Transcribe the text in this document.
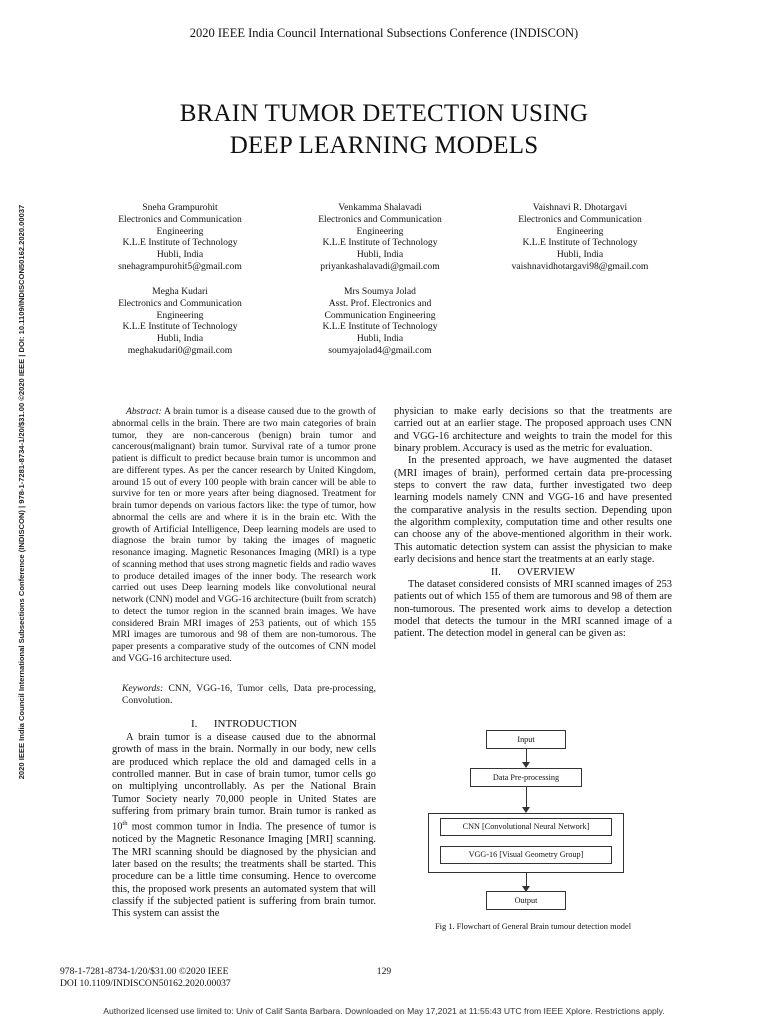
2020 IEEE India Council International Subsections Conference (INDISCON)
BRAIN TUMOR DETECTION USING
DEEP LEARNING MODELS
Sneha Grampurohit
Electronics and Communication
Engineering
K.L.E Institute of Technology
Hubli, India
snehagrampurohit5@gmail.com
Venkamma Shalavadi
Electronics and Communication
Engineering
K.L.E Institute of Technology
Hubli, India
priyankashalavadi@gmail.com
Vaishnavi R. Dhotargavi
Electronics and Communication
Engineering
K.L.E Institute of Technology
Hubli, India
vaishnavidhotargavi98@gmail.com
Megha Kudari
Electronics and Communication
Engineering
K.L.E Institute of Technology
Hubli, India
meghakudari0@gmail.com
Mrs Soumya Jolad
Asst. Prof. Electronics and
Communication Engineering
K.L.E Institute of Technology
Hubli, India
soumyajolad4@gmail.com
2020 IEEE India Council International Subsections Conference (INDISCON) | 978-1-7281-8734-1/20/$31.00 ©2020 IEEE | DOI: 10.1109/INDISCON50162.2020.00037	Abstract: A brain tumor is a disease caused due to the growth of abnormal cells in the brain. There are two main categories of brain tumor, they are non-cancerous (benign) brain tumor and cancerous(malignant) brain tumor. Survival rate of a tumor prone patient is difficult to predict because brain tumor is uncommon and are different types. As per the cancer research by United Kingdom, around 15 out of every 100 people with brain cancer will be able to survive for ten or more years after being diagnosed. Treatment for brain tumor depends on various factors like: the type of tumor, how abnormal the cells are and where it is in the brain etc. With the growth of Artificial Intelligence, Deep learning models are used to diagnose the brain tumor by taking the images of magnetic resonance imaging. Magnetic Resonances Imaging (MRI) is a type of scanning method that uses strong magnetic fields and radio waves to produce detailed images of the inner body. The research work carried out uses Deep learning models like convolutional neural network (CNN) model and VGG-16 architecture (built from scratch) to detect the tumor region in the scanned brain images. We have considered Brain MRI images of 253 patients, out of which 155 MRI images are tumorous and 98 of them are non-tumorous. The paper presents a comparative study of the outcomes of CNN model and VGG-16 architecture used.

Keywords: CNN, VGG-16, Tumor cells, Data pre-processing, Convolution.
I.      INTRODUCTION

A brain tumor is a disease caused due to the abnormal growth of mass in the brain. Normally in our body, new cells are produced which replace the old and damaged cells in a controlled manner. But in case of brain tumor, tumor cells go on multiplying uncontrollably. As per the National Brain Tumor Society nearly 70,000 people in United States are suffering from primary brain tumor. Brain tumor is ranked as 10th most common tumor in India. The presence of tumor is noticed by the Magnetic Resonance Imaging [MRI] scanning. The MRI scanning should be diagnosed by the physician and later based on the results; the treatments shall be started. This procedure can be a little time consuming. Hence to overcome this, the proposed work presents an automated system that will classify if the subjected patient is suffering from brain tumor. This system can assist the

physician to make early decisions so that the treatments are carried out at an earlier stage. The proposed approach uses CNN and VGG-16 architecture and weights to train the model for this binary problem. Accuracy is used as the metric for evaluation.

In the presented approach, we have augmented the dataset (MRI images of brain), performed certain data pre-processing steps to convert the raw data, further investigated two deep learning models namely CNN and VGG-16 and have presented the comparative analysis in the results section. Depending upon the algorithm complexity, computation time and other results one can choose any of the above-mentioned algorithm in their work. This automatic detection system can assist the physician to make early decisions and hence start the treatments at an early stage.

II.      OVERVIEW

The dataset considered consists of MRI scanned images of 253 patients out of which 155 of them are tumorous and 98 of them are non-tumorous. The presented work aims to develop a detection model that detects the tumour in the MRI scanned image of a patient. The detection model in general can be given as:

Input
Data Pre-processing
CNN [Convolutional Neural Network]
VGG-16 [Visual Geometry Group]
Output
Fig 1. Flowchart of General Brain tumour detection model
978-1-7281-8734-1/20/$31.00 ©2020 IEEE
DOI 10.1109/INDISCON50162.2020.00037
129
Authorized licensed use limited to: Univ of Calif Santa Barbara. Downloaded on May 17,2021 at 11:55:43 UTC from IEEE Xplore. Restrictions apply.
